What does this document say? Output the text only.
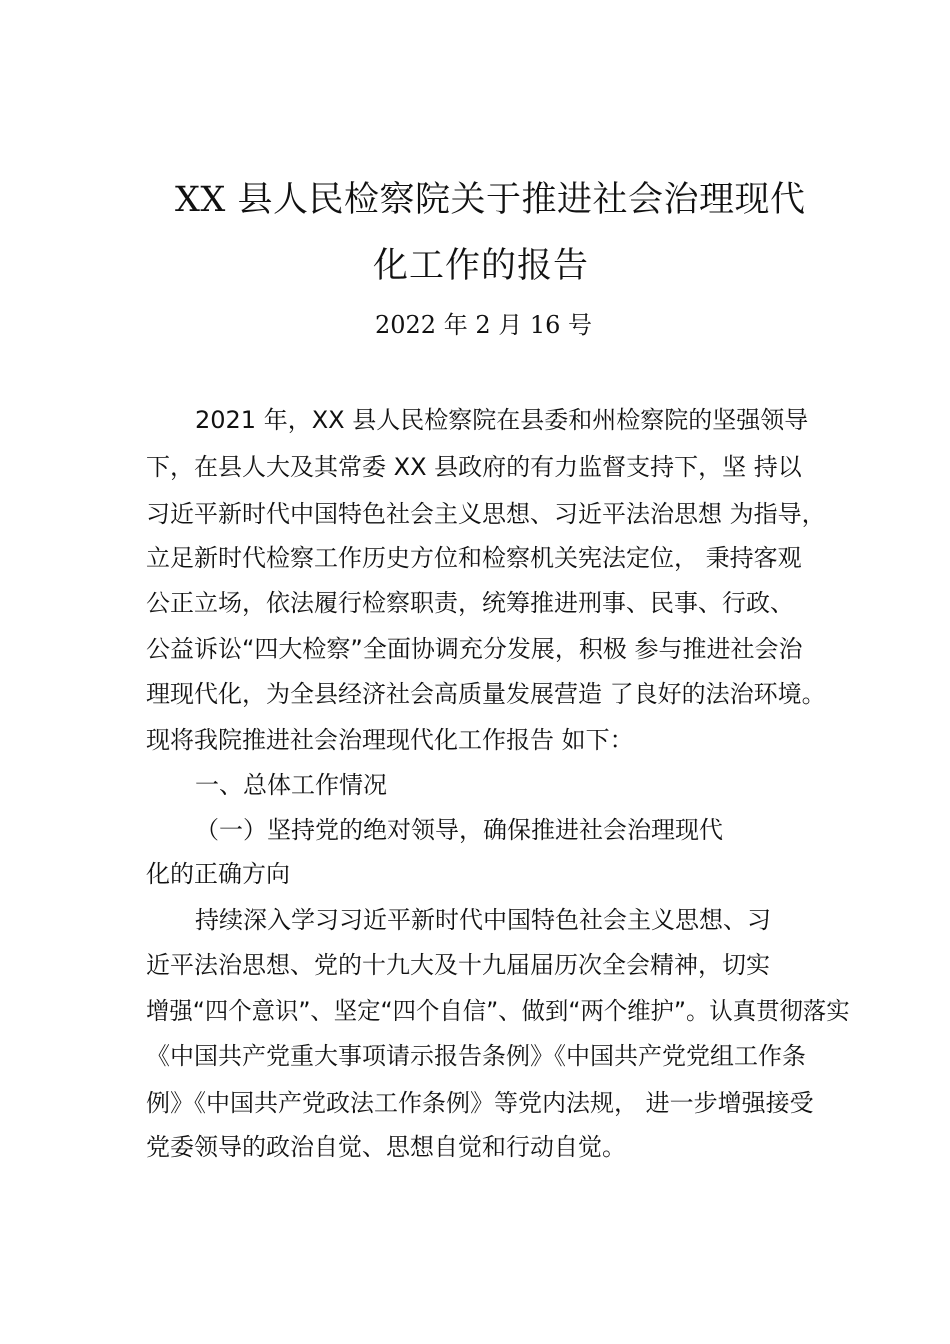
XX 县人民检察院关于推进社会治理现代
化工作的报告
2022 年 2 月 16 号
2021 年，XX 县人民检察院在县委和州检察院的坚强领导
下，在县人大及其常委 XX 县政府的有力监督支持下，坚 持以
习近平新时代中国特色社会主义思想、习近平法治思想 为指导，
立足新时代检察工作历史方位和检察机关宪法定位， 秉持客观
公正立场，依法履行检察职责，统筹推进刑事、民事、行政、
公益诉讼“四大检察”全面协调充分发展，积极 参与推进社会治
理现代化，为全县经济社会高质量发展营造 了良好的法治环境。
现将我院推进社会治理现代化工作报告 如下：
一、总体工作情况
（一）坚持党的绝对领导，确保推进社会治理现代
化的正确方向
持续深入学习习近平新时代中国特色社会主义思想、习
近平法治思想、党的十九大及十九届届历次全会精神，切实
增强“四个意识”、坚定“四个自信”、做到“两个维护”。认真贯彻落实
《中国共产党重大事项请示报告条例》《中国共产党党组工作条
例》《中国共产党政法工作条例》等党内法规， 进一步增强接受
党委领导的政治自觉、思想自觉和行动自觉。
